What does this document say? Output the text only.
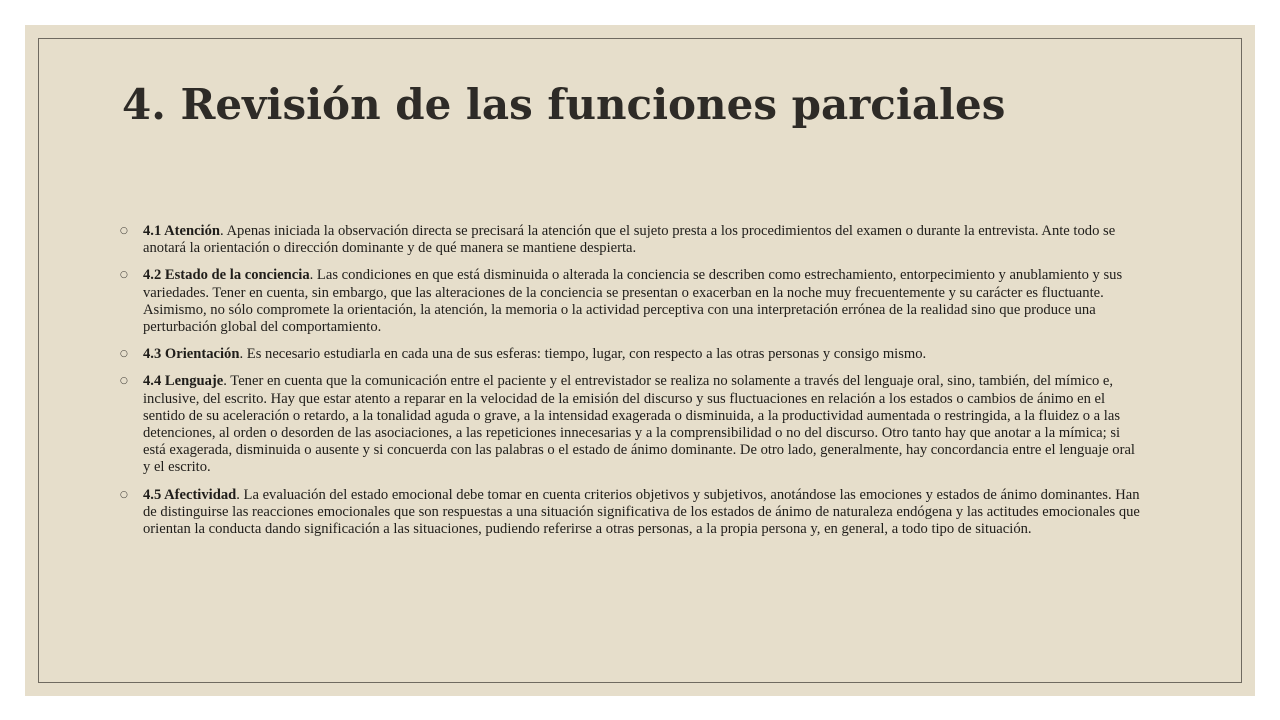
4. Revisión de las funciones parciales
○ 4.1 Atención. Apenas iniciada la observación directa se precisará la atención que el sujeto presta a los procedimientos del examen o durante la entrevista. Ante todo se anotará la orientación o dirección dominante y de qué manera se mantiene despierta.
○ 4.2 Estado de la conciencia. Las condiciones en que está disminuida o alterada la conciencia se describen como estrechamiento, entorpecimiento y anublamiento y sus variedades. Tener en cuenta, sin embargo, que las alteraciones de la conciencia se presentan o exacerban en la noche muy frecuentemente y su carácter es fluctuante. Asimismo, no sólo compromete la orientación, la atención, la memoria o la actividad perceptiva con una interpretación errónea de la realidad sino que produce una perturbación global del comportamiento.
○ 4.3 Orientación. Es necesario estudiarla en cada una de sus esferas: tiempo, lugar, con respecto a las otras personas y consigo mismo.
○ 4.4 Lenguaje. Tener en cuenta que la comunicación entre el paciente y el entrevistador se realiza no solamente a través del lenguaje oral, sino, también, del mímico e, inclusive, del escrito. Hay que estar atento a reparar en la velocidad de la emisión del discurso y sus fluctuaciones en relación a los estados o cambios de ánimo en el sentido de su aceleración o retardo, a la tonalidad aguda o grave, a la intensidad exagerada o disminuida, a la productividad aumentada o restringida, a la fluidez o a las detenciones, al orden o desorden de las asociaciones, a las repeticiones innecesarias y a la comprensibilidad o no del discurso. Otro tanto hay que anotar a la mímica; si está exagerada, disminuida o ausente y si concuerda con las palabras o el estado de ánimo dominante. De otro lado, generalmente, hay concordancia entre el lenguaje oral y el escrito.
○ 4.5 Afectividad. La evaluación del estado emocional debe tomar en cuenta criterios objetivos y subjetivos, anotándose las emociones y estados de ánimo dominantes. Han de distinguirse las reacciones emocionales que son respuestas a una situación significativa de los estados de ánimo de naturaleza endógena y las actitudes emocionales que orientan la conducta dando significación a las situaciones, pudiendo referirse a otras personas, a la propia persona y, en general, a todo tipo de situación.
